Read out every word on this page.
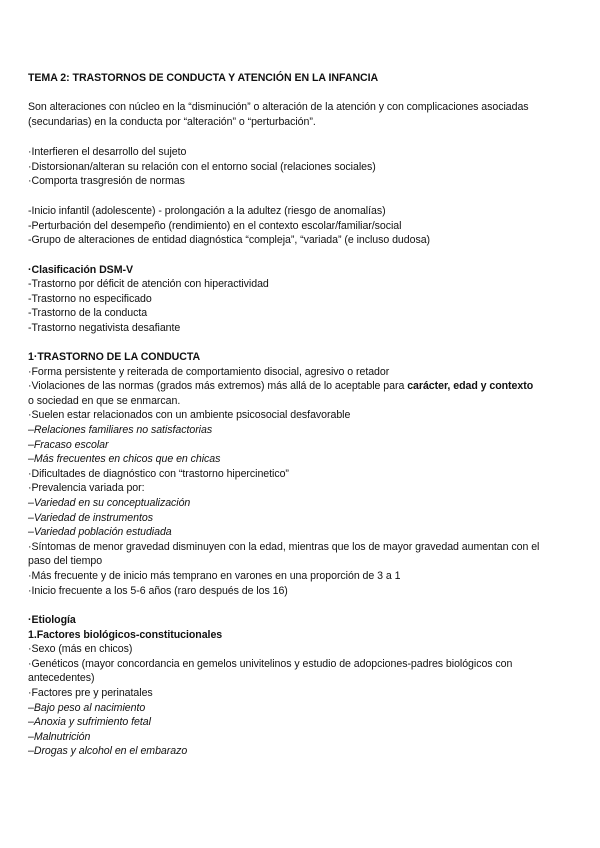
TEMA 2: TRASTORNOS DE CONDUCTA Y ATENCIÓN EN LA INFANCIA
Son alteraciones con núcleo en la “disminución” o alteración de la atención y con complicaciones asociadas
(secundarias) en la conducta por “alteración” o “perturbación”.
·Interfieren el desarrollo del sujeto
·Distorsionan/alteran su relación con el entorno social (relaciones sociales)
·Comporta trasgresión de normas
-Inicio infantil (adolescente) - prolongación a la adultez (riesgo de anomalías)
-Perturbación del desempeño (rendimiento) en el contexto escolar/familiar/social
-Grupo de alteraciones de entidad diagnóstica “compleja”, “variada” (e incluso dudosa)
·Clasificación DSM-V
-Trastorno por déficit de atención con hiperactividad
-Trastorno no especificado
-Trastorno de la conducta
-Trastorno negativista desafiante
1·TRASTORNO DE LA CONDUCTA
·Forma persistente y reiterada de comportamiento disocial, agresivo o retador
·Violaciones de las normas (grados más extremos) más allá de lo aceptable para carácter, edad y contexto
o sociedad en que se enmarcan.
·Suelen estar relacionados con un ambiente psicosocial desfavorable
–Relaciones familiares no satisfactorias
–Fracaso escolar
–Más frecuentes en chicos que en chicas
·Dificultades de diagnóstico con “trastorno hipercinetico”
·Prevalencia variada por:
–Variedad en su conceptualización
–Variedad de instrumentos
–Variedad población estudiada
·Síntomas de menor gravedad disminuyen con la edad, mientras que los de mayor gravedad aumentan con el
paso del tiempo
·Más frecuente y de inicio más temprano en varones en una proporción de 3 a 1
·Inicio frecuente a los 5-6 años (raro después de los 16)
·Etiología
1.Factores biológicos-constitucionales
·Sexo (más en chicos)
·Genéticos (mayor concordancia en gemelos univitelinos y estudio de adopciones-padres biológicos con
antecedentes)
·Factores pre y perinatales
–Bajo peso al nacimiento
–Anoxia y sufrimiento fetal
–Malnutrición
–Drogas y alcohol en el embarazo
